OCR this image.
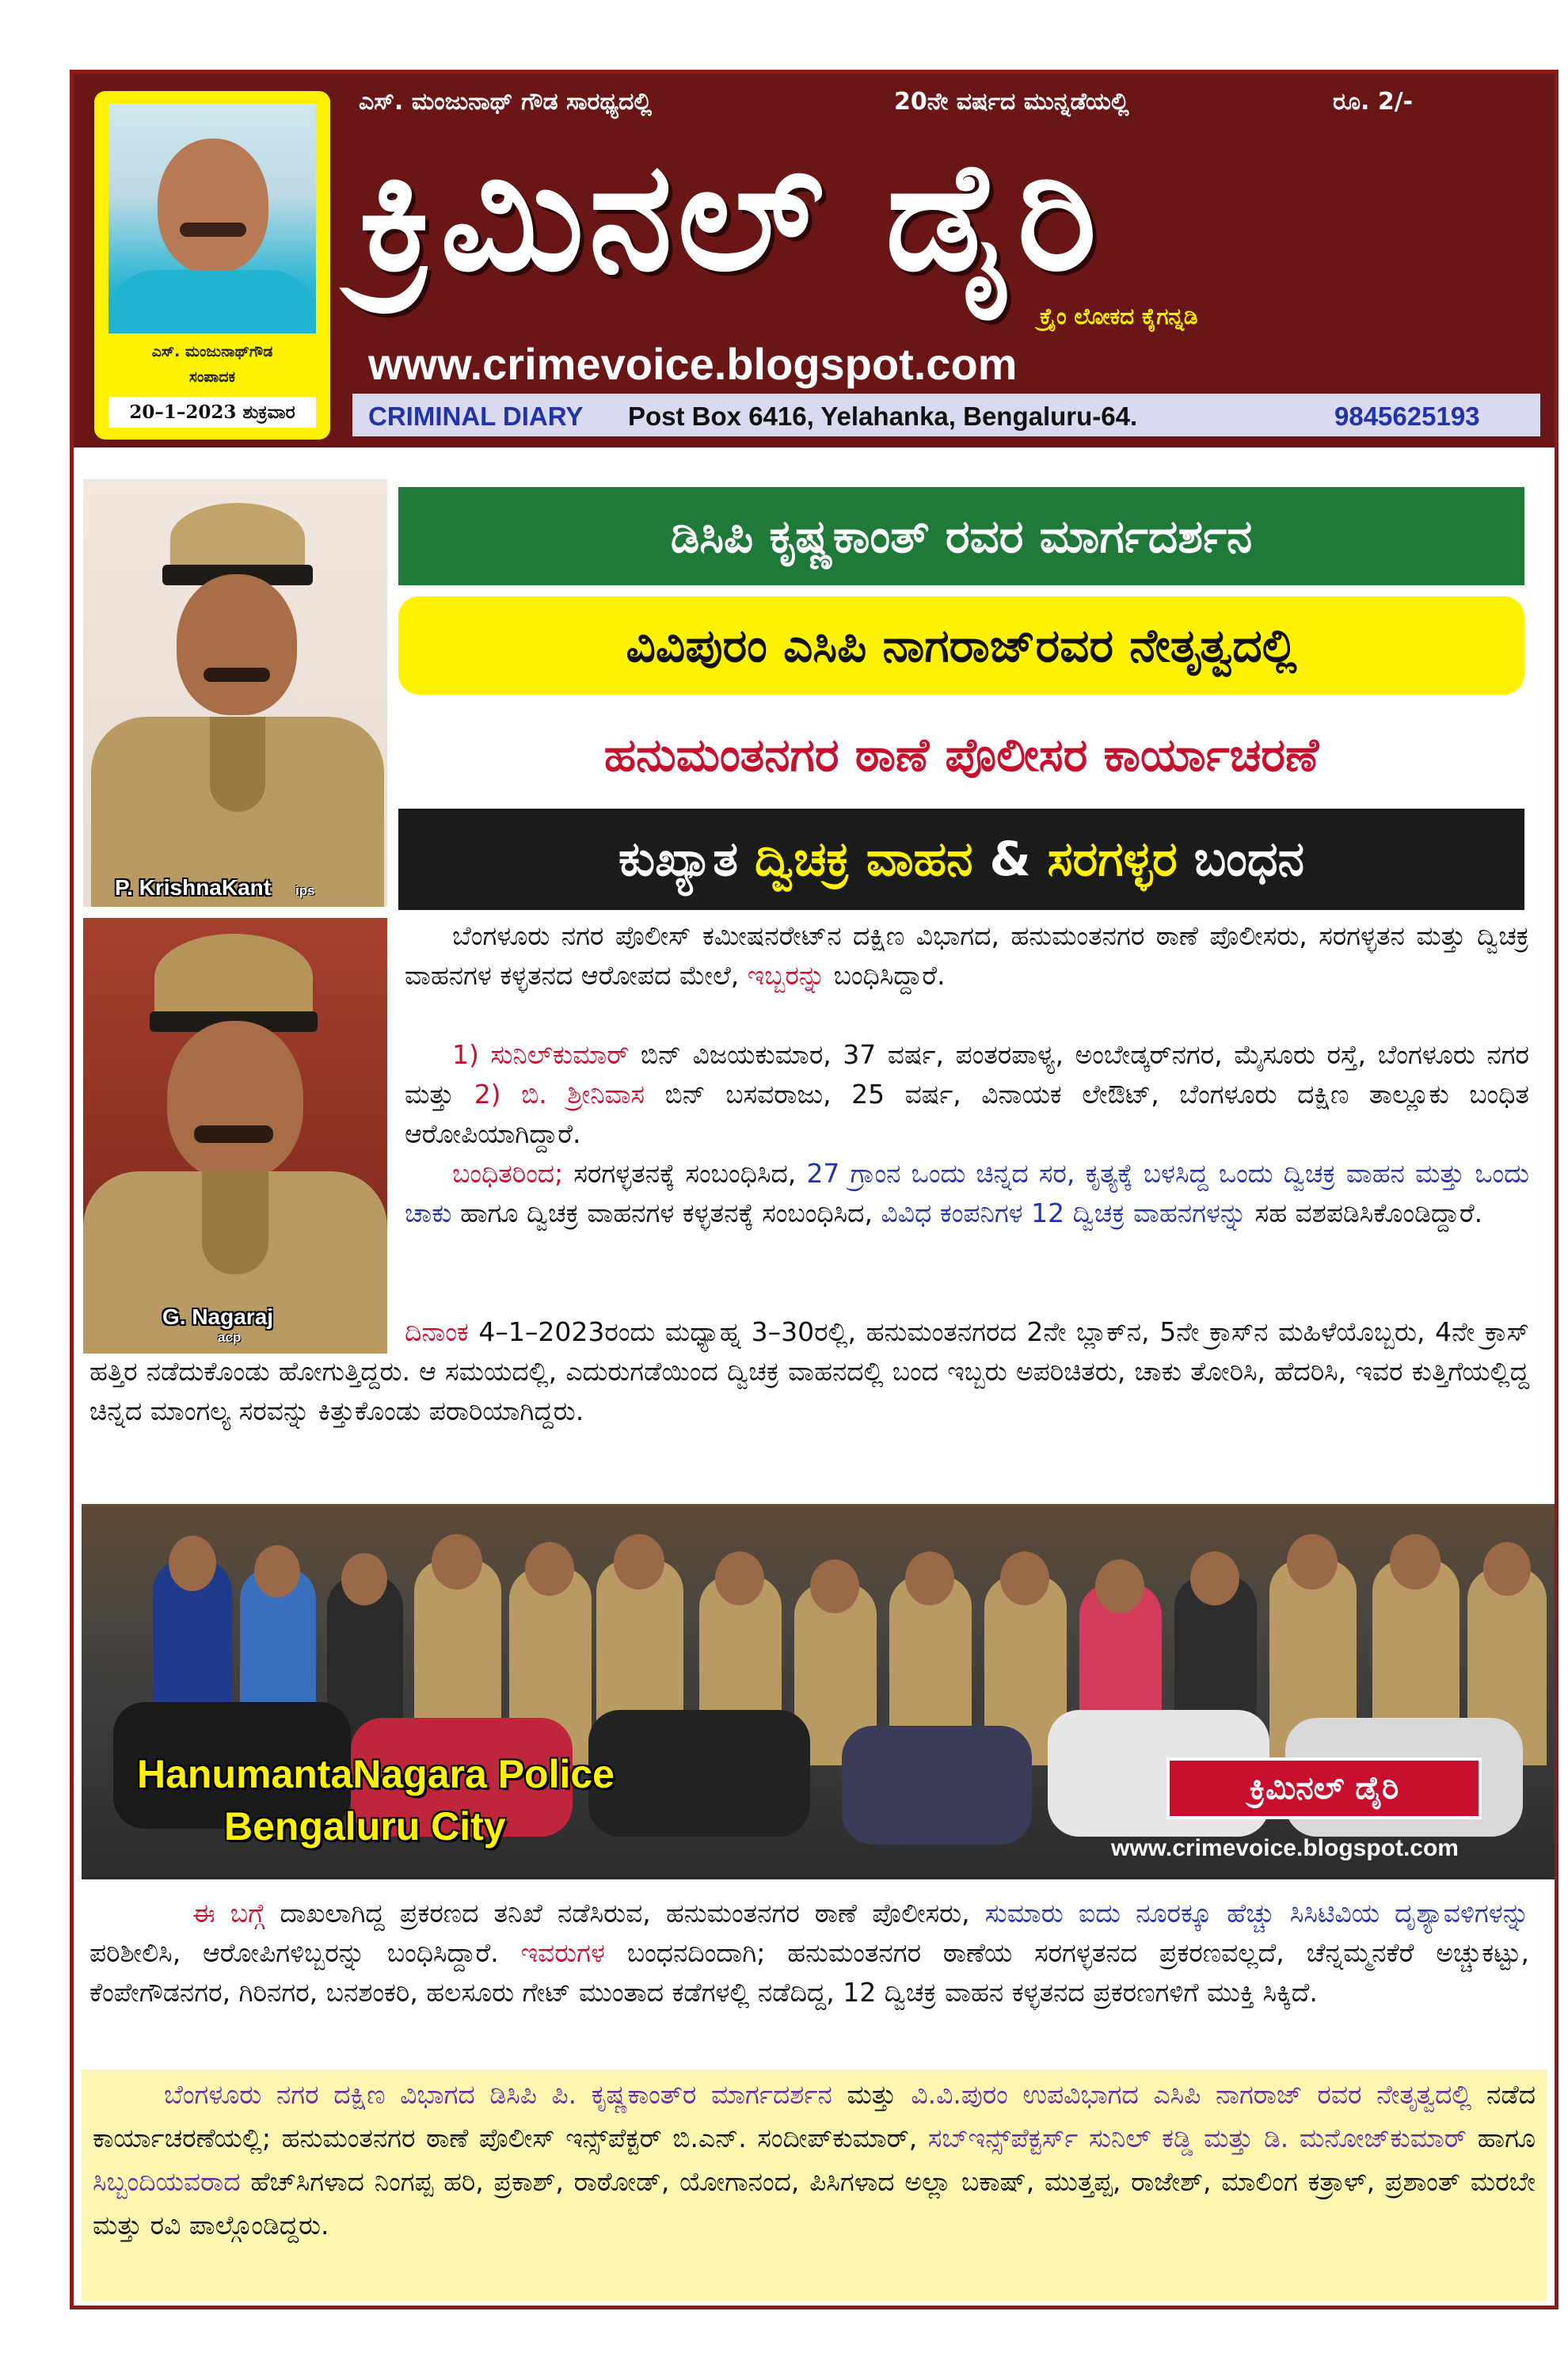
ಎಸ್. ಮಂಜುನಾಥ್‌ಗೌಡ
ಸಂಪಾದಕ
20–1–2023 ಶುಕ್ರವಾರ
ಎಸ್. ಮಂಜುನಾಥ್ ಗೌಡ ಸಾರಥ್ಯದಲ್ಲಿ	20ನೇ ವರ್ಷದ ಮುನ್ನಡೆಯಲ್ಲಿ	ರೂ. 2/-
ಕ್ರಿಮಿನಲ್ ಡೈರಿ
ಕ್ರೈಂ ಲೋಕದ ಕೈಗನ್ನಡಿ
www.crimevoice.blogspot.com
CRIMINAL DIARY Post Box 6416, Yelahanka, Bengaluru-64.	9845625193
P. KrishnaKant ips
G. Nagaraj
acp
ಡಿಸಿಪಿ ಕೃಷ್ಣಕಾಂತ್ ರವರ ಮಾರ್ಗದರ್ಶನ
ವಿವಿಪುರಂ ಎಸಿಪಿ ನಾಗರಾಜ್‌ರವರ ನೇತೃತ್ವದಲ್ಲಿ
ಹನುಮಂತನಗರ ಠಾಣೆ ಪೊಲೀಸರ ಕಾರ್ಯಾಚರಣೆ
ಕುಖ್ಯಾತ
ದ್ವಿಚಕ್ರ ವಾಹನ
&
ಸರಗಳ್ಳರ
ಬಂಧನ
ಬೆಂಗಳೂರು ನಗರ ಪೊಲೀಸ್ ಕಮೀಷನರೇಟ್‌ನ ದಕ್ಷಿಣ ವಿಭಾಗದ, ಹನುಮಂತನಗರ ಠಾಣೆ ಪೊಲೀಸರು, ಸರಗಳ್ಳತನ ಮತ್ತು ದ್ವಿಚಕ್ರ ವಾಹನಗಳ ಕಳ್ಳತನದ ಆರೋಪದ ಮೇಲೆ, ಇಬ್ಬರನ್ನು ಬಂಧಿಸಿದ್ದಾರೆ.
1) ಸುನಿಲ್‌ಕುಮಾರ್ ಬಿನ್ ವಿಜಯಕುಮಾರ, 37 ವರ್ಷ, ಪಂತರಪಾಳ್ಯ, ಅಂಬೇಡ್ಕರ್‌ನಗರ, ಮೈಸೂರು ರಸ್ತೆ, ಬೆಂಗಳೂರು ನಗರ ಮತ್ತು 2) ಬಿ. ಶ್ರೀನಿವಾಸ ಬಿನ್ ಬಸವರಾಜು, 25 ವರ್ಷ, ವಿನಾಯಕ ಲೇಔಟ್, ಬೆಂಗಳೂರು ದಕ್ಷಿಣ ತಾಲ್ಲೂಕು ಬಂಧಿತ ಆರೋಪಿಯಾಗಿದ್ದಾರೆ.
ಬಂಧಿತರಿಂದ; ಸರಗಳ್ಳತನಕ್ಕೆ ಸಂಬಂಧಿಸಿದ, 27 ಗ್ರಾಂನ ಒಂದು ಚಿನ್ನದ ಸರ, ಕೃತ್ಯಕ್ಕೆ ಬಳಸಿದ್ದ ಒಂದು ದ್ವಿಚಕ್ರ ವಾಹನ ಮತ್ತು ಒಂದು ಚಾಕು ಹಾಗೂ ದ್ವಿಚಕ್ರ ವಾಹನಗಳ ಕಳ್ಳತನಕ್ಕೆ ಸಂಬಂಧಿಸಿದ, ವಿವಿಧ ಕಂಪನಿಗಳ 12 ದ್ವಿಚಕ್ರ ವಾಹನಗಳನ್ನು ಸಹ ವಶಪಡಿಸಿಕೊಂಡಿದ್ದಾರೆ.
ದಿನಾಂಕ 4–1–2023ರಂದು ಮಧ್ಯಾಹ್ನ 3–30ರಲ್ಲಿ, ಹನುಮಂತನಗರದ 2ನೇ ಬ್ಲಾಕ್‌ನ, 5ನೇ ಕ್ರಾಸ್‌ನ ಮಹಿಳೆಯೊಬ್ಬರು, 4ನೇ ಕ್ರಾಸ್ ಹತ್ತಿರ ನಡೆದುಕೊಂಡು ಹೋಗುತ್ತಿದ್ದರು. ಆ ಸಮಯದಲ್ಲಿ, ಎದುರುಗಡೆಯಿಂದ ದ್ವಿಚಕ್ರ ವಾಹನದಲ್ಲಿ ಬಂದ ಇಬ್ಬರು ಅಪರಿಚಿತರು, ಚಾಕು ತೋರಿಸಿ, ಹೆದರಿಸಿ, ಇವರ ಕುತ್ತಿಗೆಯಲ್ಲಿದ್ದ ಚಿನ್ನದ ಮಾಂಗಲ್ಯ ಸರವನ್ನು ಕಿತ್ತುಕೊಂಡು ಪರಾರಿಯಾಗಿದ್ದರು.
HanumantaNagara Police
Bengaluru City
ಕ್ರಿಮಿನಲ್ ಡೈರಿ
www.crimevoice.blogspot.com
ಈ ಬಗ್ಗೆ ದಾಖಲಾಗಿದ್ದ ಪ್ರಕರಣದ ತನಿಖೆ ನಡೆಸಿರುವ, ಹನುಮಂತನಗರ ಠಾಣೆ ಪೊಲೀಸರು, ಸುಮಾರು ಐದು ನೂರಕ್ಕೂ ಹೆಚ್ಚು ಸಿಸಿಟಿವಿಯ ದೃಶ್ಯಾವಳಿಗಳನ್ನು ಪರಿಶೀಲಿಸಿ, ಆರೋಪಿಗಳಿಬ್ಬರನ್ನು ಬಂಧಿಸಿದ್ದಾರೆ. ಇವರುಗಳ ಬಂಧನದಿಂದಾಗಿ; ಹನುಮಂತನಗರ ಠಾಣೆಯ ಸರಗಳ್ಳತನದ ಪ್ರಕರಣವಲ್ಲದೆ, ಚೆನ್ನಮ್ಮನಕೆರೆ ಅಚ್ಚುಕಟ್ಟು, ಕೆಂಪೇಗೌಡನಗರ, ಗಿರಿನಗರ, ಬನಶಂಕರಿ, ಹಲಸೂರು ಗೇಟ್ ಮುಂತಾದ ಕಡೆಗಳಲ್ಲಿ ನಡೆದಿದ್ದ, 12 ದ್ವಿಚಕ್ರ ವಾಹನ ಕಳ್ಳತನದ ಪ್ರಕರಣಗಳಿಗೆ ಮುಕ್ತಿ ಸಿಕ್ಕಿದೆ.
ಬೆಂಗಳೂರು ನಗರ ದಕ್ಷಿಣ ವಿಭಾಗದ ಡಿಸಿಪಿ ಪಿ. ಕೃಷ್ಣಕಾಂತ್‌ರ ಮಾರ್ಗದರ್ಶನ ಮತ್ತು ವಿ.ವಿ.ಪುರಂ ಉಪವಿಭಾಗದ ಎಸಿಪಿ ನಾಗರಾಜ್ ರವರ ನೇತೃತ್ವದಲ್ಲಿ ನಡೆದ ಕಾರ್ಯಾಚರಣೆಯಲ್ಲಿ; ಹನುಮಂತನಗರ ಠಾಣೆ ಪೊಲೀಸ್ ಇನ್ಸ್‌ಪೆಕ್ಟರ್ ಬಿ.ಎನ್. ಸಂದೀಪ್‌ಕುಮಾರ್, ಸಬ್‌ಇನ್ಸ್‌ಪೆಕ್ಟರ್ಸ್ ಸುನಿಲ್ ಕಡ್ಡಿ ಮತ್ತು ಡಿ. ಮನೋಜ್‌ಕುಮಾರ್ ಹಾಗೂ ಸಿಬ್ಬಂದಿಯವರಾದ ಹೆಚ್‌ಸಿಗಳಾದ ನಿಂಗಪ್ಪ ಹರಿ, ಪ್ರಕಾಶ್, ರಾಠೋಡ್, ಯೋಗಾನಂದ, ಪಿಸಿಗಳಾದ ಅಲ್ಲಾ ಬಕಾಷ್, ಮುತ್ತಪ್ಪ, ರಾಜೇಶ್, ಮಾಲಿಂಗ ಕತ್ರಾಳ್, ಪ್ರಶಾಂತ್ ಮರಬೇ ಮತ್ತು ರವಿ ಪಾಲ್ಗೊಂಡಿದ್ದರು.
